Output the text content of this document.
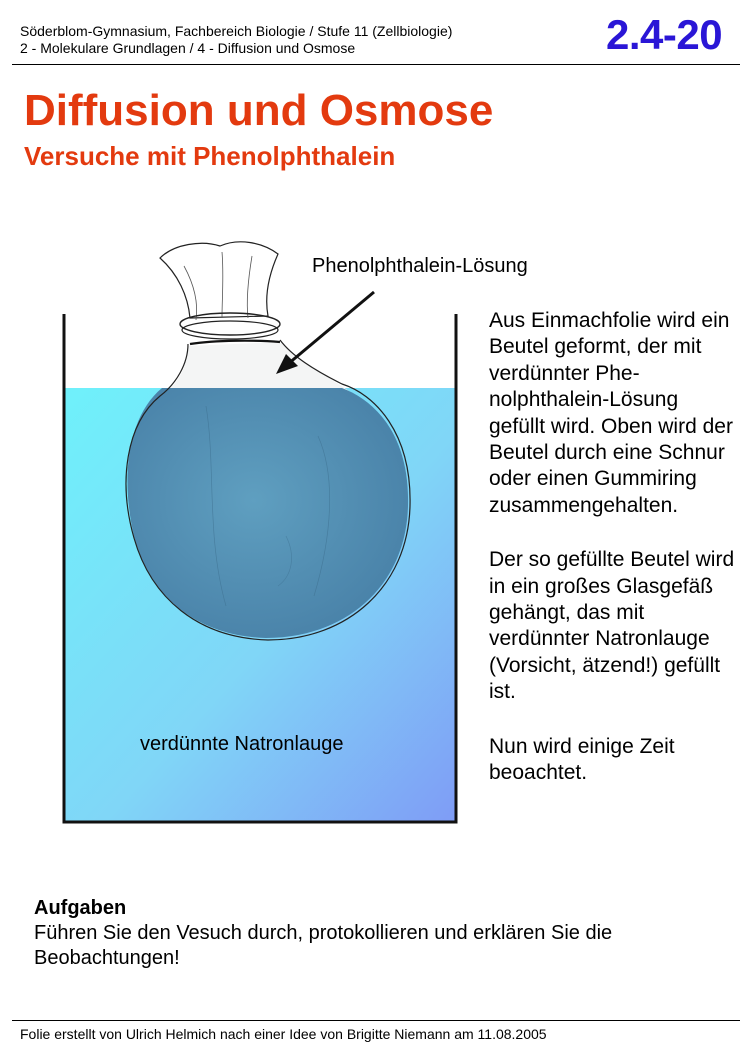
Söderblom-Gymnasium, Fachbereich Biologie / Stufe 11 (Zellbiologie)
2 - Molekulare Grundlagen / 4 - Diffusion und Osmose	2.4-20
Diffusion und Osmose
Versuche mit Phenolphthalein
Phenolphthalein-Lösung
verdünnte Natronlauge

Aus Einmachfolie wird ein Beutel geformt, der mit verdünnter Phenolphthalein-Lösung gefüllt wird. Oben wird der Beutel durch eine Schnur oder einen Gummiring zusammengehalten.

Der so gefüllte Beutel wird in ein großes Glasgefäß gehängt, das mit verdünnter Natronlauge (Vorsicht, ätzend!) gefüllt ist.

Nun wird einige Zeit beoachtet.

Aufgaben
Führen Sie den Vesuch durch, protokollieren und erklären Sie die Beobachtungen!
Folie erstellt von Ulrich Helmich nach einer Idee von Brigitte Niemann am 11.08.2005
